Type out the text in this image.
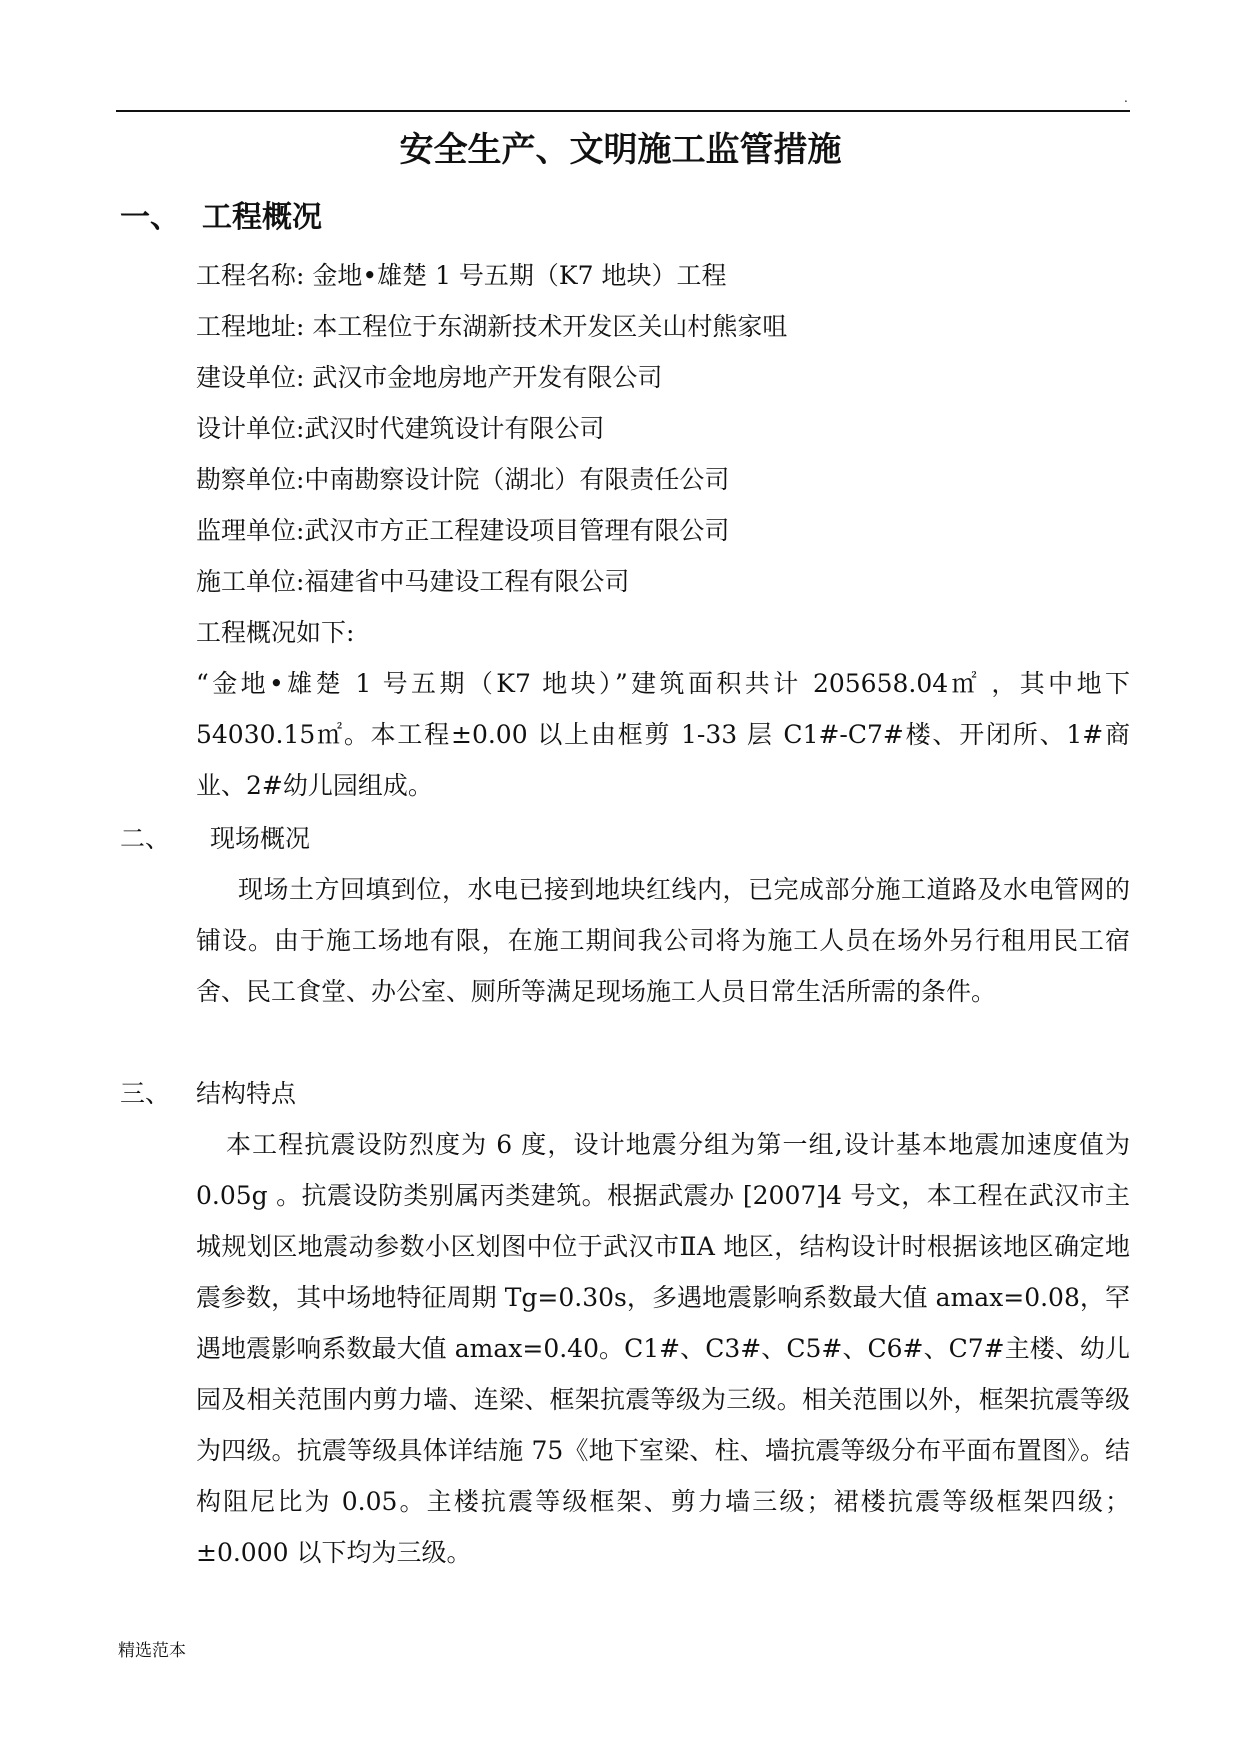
.
安全生产、文明施工监管措施
一、 工程概况
工程名称: 金地•雄楚 1 号五期（K7 地块）工程
工程地址: 本工程位于东湖新技术开发区关山村熊家咀
建设单位: 武汉市金地房地产开发有限公司
设计单位:武汉时代建筑设计有限公司
勘察单位:中南勘察设计院（湖北）有限责任公司
监理单位:武汉市方正工程建设项目管理有限公司
施工单位:福建省中马建设工程有限公司
工程概况如下:
“金地•雄楚 1 号五期（K7 地块）”建筑面积共计 205658.04㎡ ，其中地下 54030.15㎡。本工程±0.00 以上由框剪 1-33 层 C1#-C7#楼、开闭所、1#商业、2#幼儿园组成。
二、 现场概况
现场土方回填到位，水电已接到地块红线内，已完成部分施工道路及水电管网的铺设。由于施工场地有限，在施工期间我公司将为施工人员在场外另行租用民工宿舍、民工食堂、办公室、厕所等满足现场施工人员日常生活所需的条件。
三、 结构特点
本工程抗震设防烈度为 6 度，设计地震分组为第一组,设计基本地震加速度值为 0.05g 。抗震设防类别属丙类建筑。根据武震办 [2007]4 号文，本工程在武汉市主城规划区地震动参数小区划图中位于武汉市ⅡA 地区，结构设计时根据该地区确定地震参数，其中场地特征周期 Tg=0.30s，多遇地震影响系数最大值 amax=0.08，罕遇地震影响系数最大值 amax=0.40。C1#、C3#、C5#、C6#、C7#主楼、幼儿园及相关范围内剪力墙、连梁、框架抗震等级为三级。相关范围以外，框架抗震等级为四级。抗震等级具体详结施 75《地下室梁、柱、墙抗震等级分布平面布置图》。结构阻尼比为 0.05。主楼抗震等级框架、剪力墙三级；裙楼抗震等级框架四级；±0.000 以下均为三级。
精选范本
